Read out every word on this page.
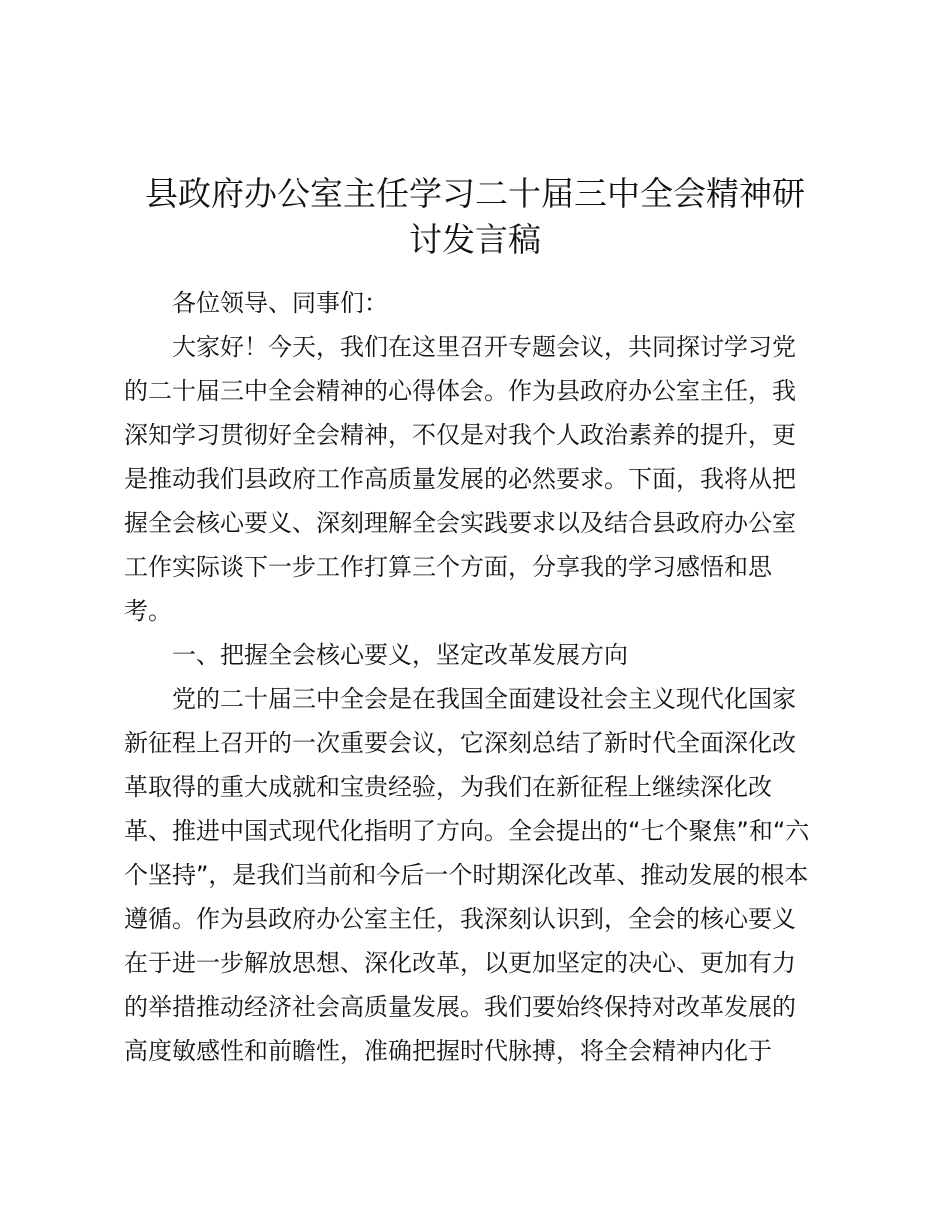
县政府办公室主任学习二十届三中全会精神研
讨发言稿

各位领导、同事们：

大家好！今天，我们在这里召开专题会议，共同探讨学习党

的二十届三中全会精神的心得体会。作为县政府办公室主任，我

深知学习贯彻好全会精神，不仅是对我个人政治素养的提升，更

是推动我们县政府工作高质量发展的必然要求。下面，我将从把

握全会核心要义、深刻理解全会实践要求以及结合县政府办公室

工作实际谈下一步工作打算三个方面，分享我的学习感悟和思

考。

一、把握全会核心要义，坚定改革发展方向

党的二十届三中全会是在我国全面建设社会主义现代化国家

新征程上召开的一次重要会议，它深刻总结了新时代全面深化改

革取得的重大成就和宝贵经验，为我们在新征程上继续深化改

革、推进中国式现代化指明了方向。全会提出的“七个聚焦”和“六

个坚持”，是我们当前和今后一个时期深化改革、推动发展的根本

遵循。作为县政府办公室主任，我深刻认识到，全会的核心要义

在于进一步解放思想、深化改革，以更加坚定的决心、更加有力

的举措推动经济社会高质量发展。我们要始终保持对改革发展的

高度敏感性和前瞻性，准确把握时代脉搏，将全会精神内化于
